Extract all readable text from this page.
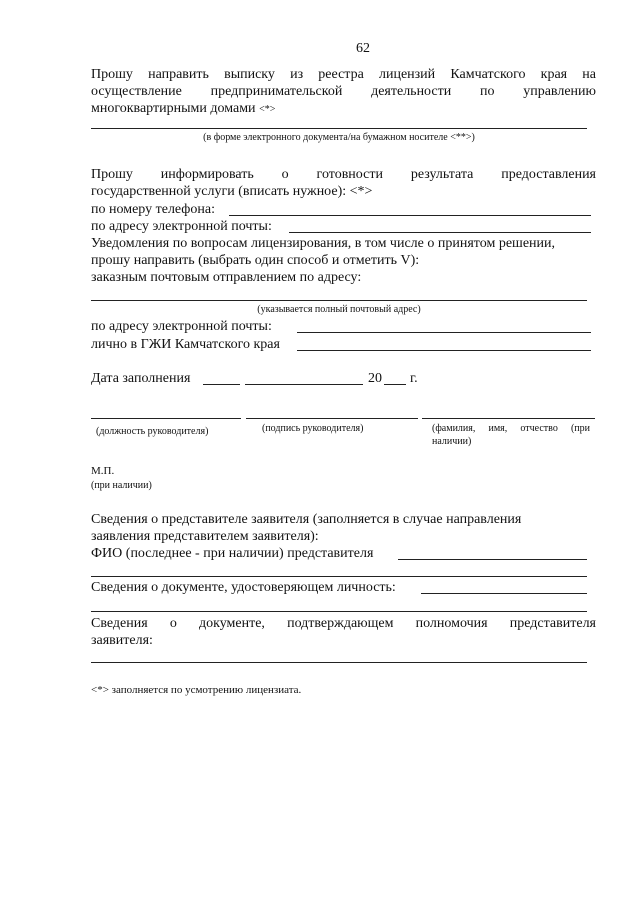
62
Прошу направить выписку из реестра лицензий Камчатского края на
осуществление предпринимательской деятельности по управлению
многоквартирными домами <*>
(в форме электронного документа/на бумажном носителе <**>)
Прошу информировать о готовности результата предоставления
государственной услуги (вписать нужное): <*>
по номеру телефона:
по адресу электронной почты:
Уведомления по вопросам лицензирования, в том числе о принятом решении,
прошу направить (выбрать один способ и отметить V):
заказным почтовым отправлением по адресу:
(указывается полный почтовый адрес)
по адресу электронной почты:
лично в ГЖИ Камчатского края
Дата заполнения	20 г.
(должность руководителя)	(подпись руководителя)	(фамилия, имя, отчество (при
наличии)
М.П.
(при наличии)
Сведения о представителе заявителя (заполняется в случае направления
заявления представителем заявителя):
ФИО (последнее - при наличии) представителя
Сведения о документе, удостоверяющем личность:
Сведения о документе, подтверждающем полномочия представителя
заявителя:
<*> заполняется по усмотрению лицензиата.
